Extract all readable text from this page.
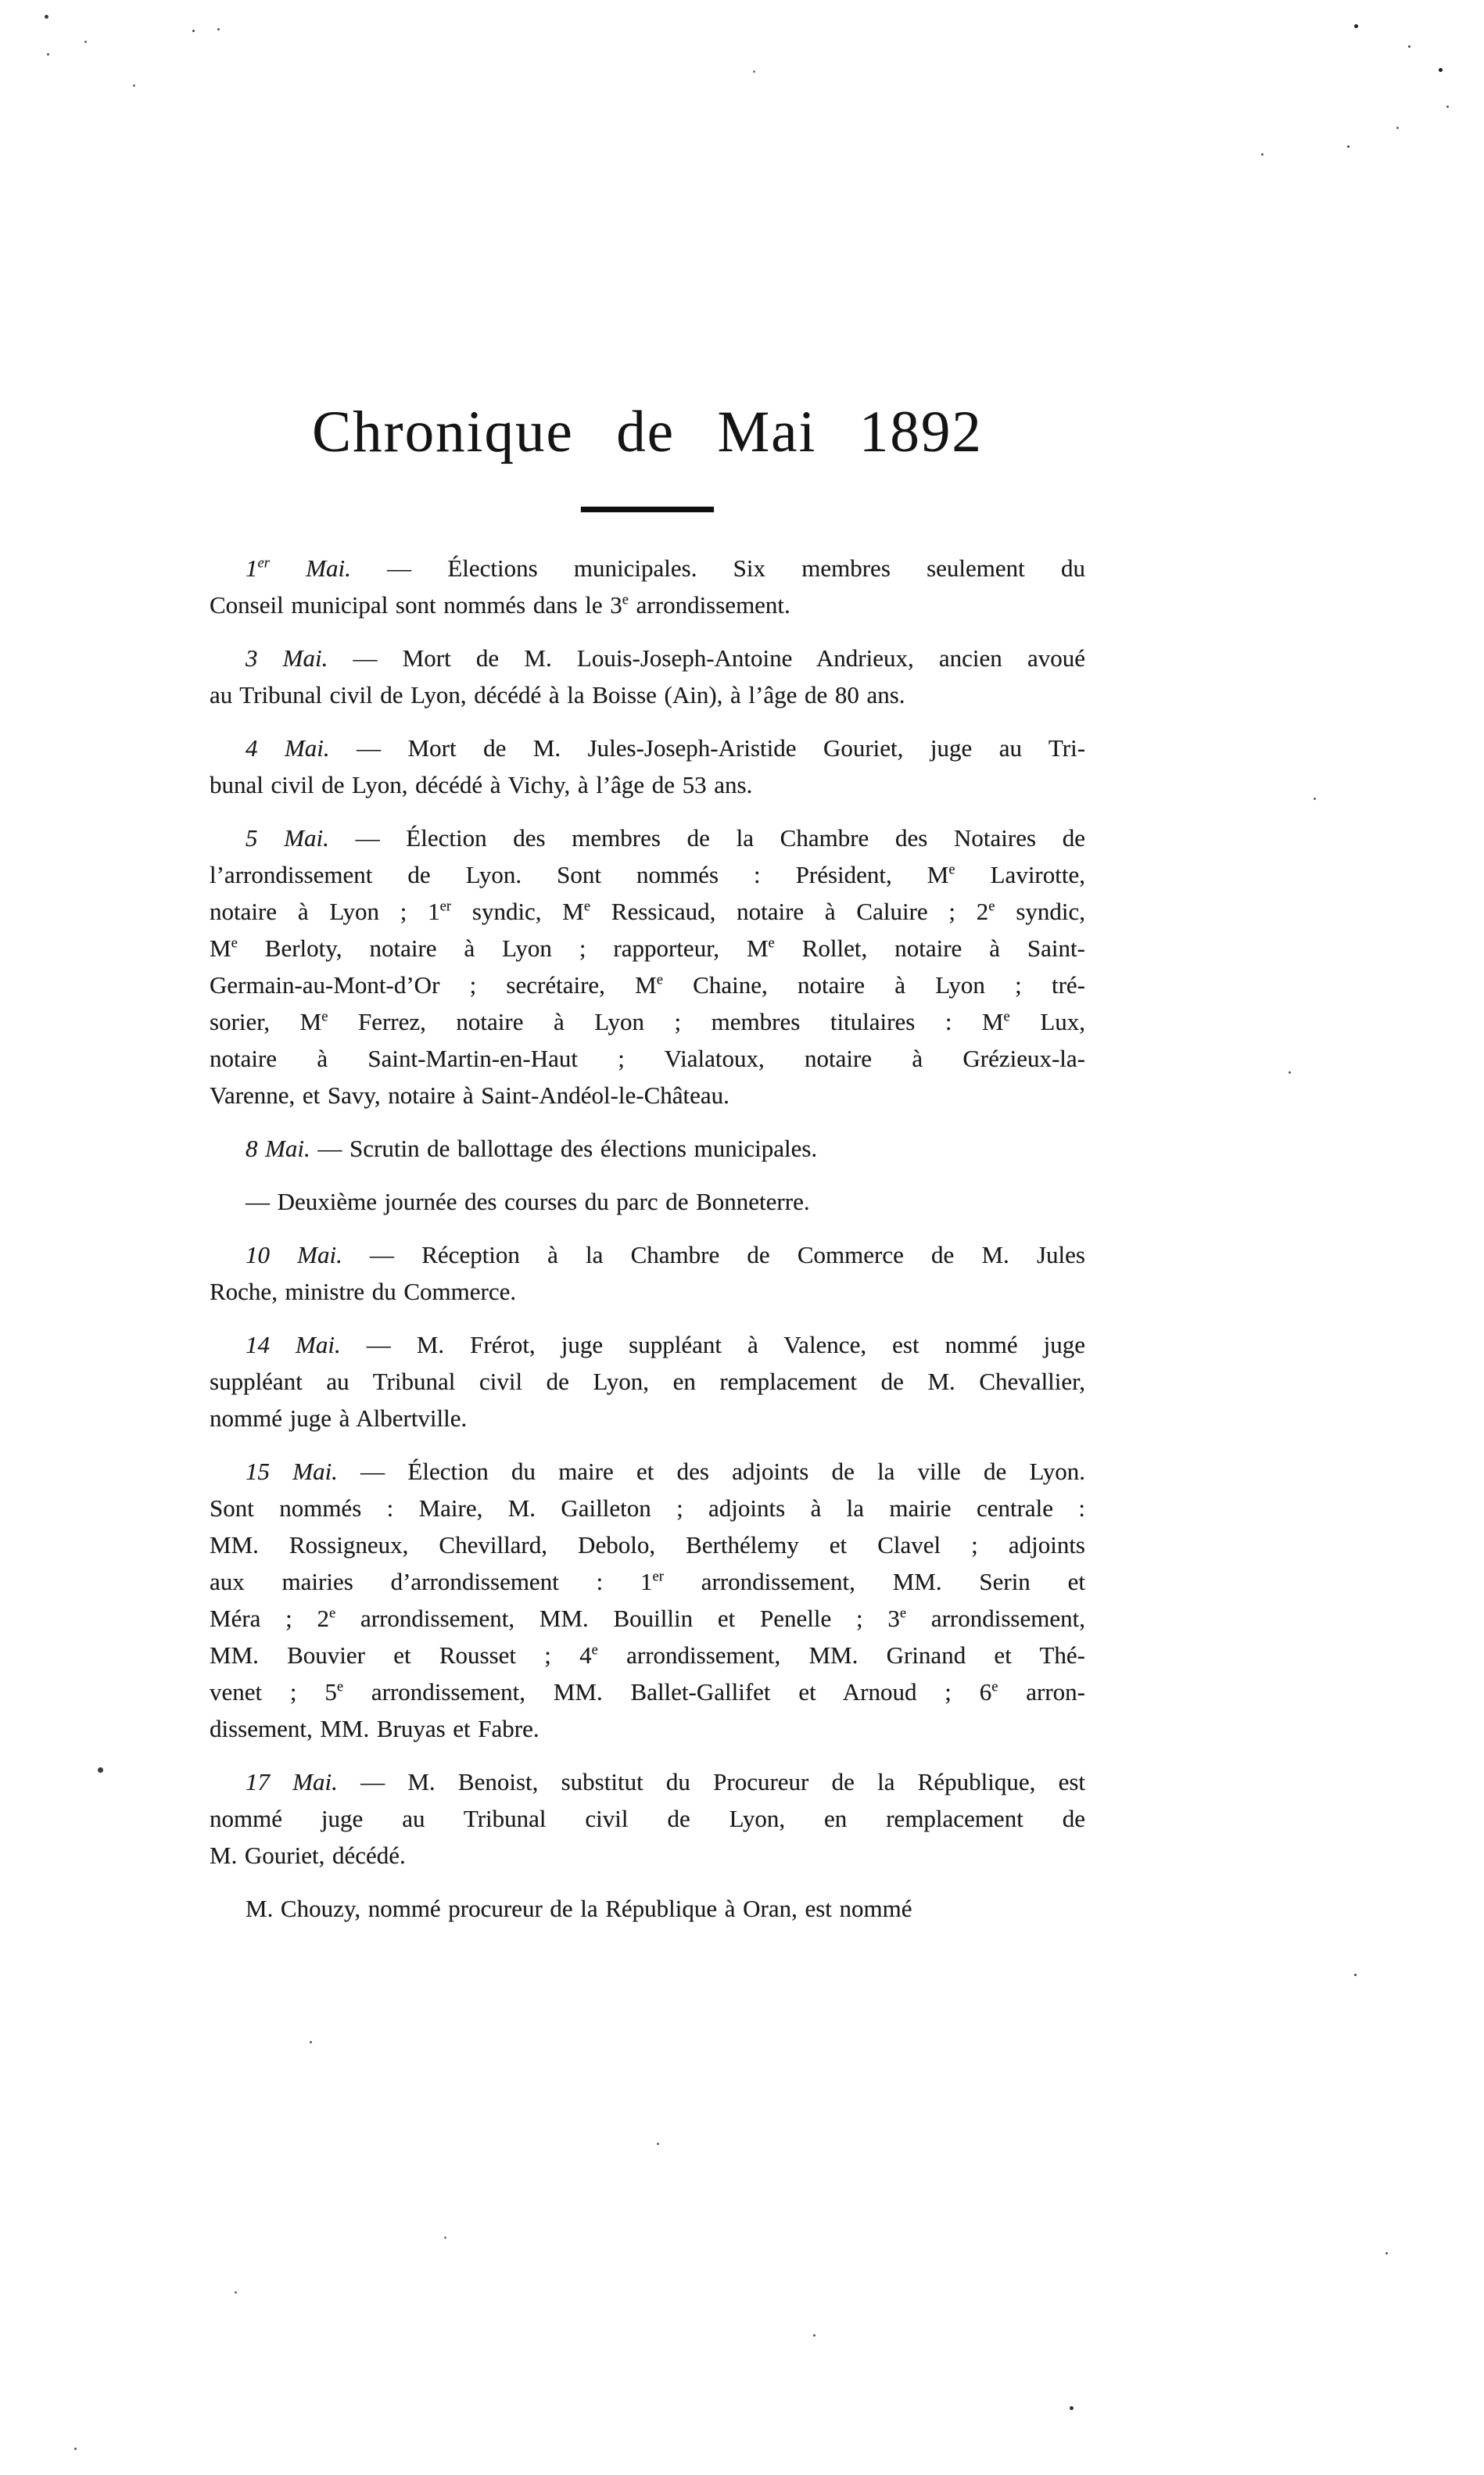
Chronique de Mai 1892

1er Mai. — Élections municipales. Six membres seulement du
Conseil municipal sont nommés dans le 3e arrondissement.

3 Mai. — Mort de M. Louis-Joseph-Antoine Andrieux, ancien avoué
au Tribunal civil de Lyon, décédé à la Boisse (Ain), à l’âge de 80 ans.

4 Mai. — Mort de M. Jules-Joseph-Aristide Gouriet, juge au Tri-
bunal civil de Lyon, décédé à Vichy, à l’âge de 53 ans.

5 Mai. — Élection des membres de la Chambre des Notaires de
l’arrondissement de Lyon. Sont nommés : Président, Me Lavirotte,
notaire à Lyon ; 1er syndic, Me Ressicaud, notaire à Caluire ; 2e syndic,
Me Berloty, notaire à Lyon ; rapporteur, Me Rollet, notaire à Saint-
Germain-au-Mont-d’Or ; secrétaire, Me Chaine, notaire à Lyon ; tré-
sorier, Me Ferrez, notaire à Lyon ; membres titulaires : Me Lux,
notaire à Saint-Martin-en-Haut ; Vialatoux, notaire à Grézieux-la-
Varenne, et Savy, notaire à Saint-Andéol-le-Château.

8 Mai. — Scrutin de ballottage des élections municipales.

— Deuxième journée des courses du parc de Bonneterre.

10 Mai. — Réception à la Chambre de Commerce de M. Jules
Roche, ministre du Commerce.

14 Mai. — M. Frérot, juge suppléant à Valence, est nommé juge
suppléant au Tribunal civil de Lyon, en remplacement de M. Chevallier,
nommé juge à Albertville.

15 Mai. — Élection du maire et des adjoints de la ville de Lyon.
Sont nommés : Maire, M. Gailleton ; adjoints à la mairie centrale :
MM. Rossigneux, Chevillard, Debolo, Berthélemy et Clavel ; adjoints
aux mairies d’arrondissement : 1er arrondissement, MM. Serin et
Méra ; 2e arrondissement, MM. Bouillin et Penelle ; 3e arrondissement,
MM. Bouvier et Rousset ; 4e arrondissement, MM. Grinand et Thé-
venet ; 5e arrondissement, MM. Ballet-Gallifet et Arnoud ; 6e arron-
dissement, MM. Bruyas et Fabre.

17 Mai. — M. Benoist, substitut du Procureur de la République, est
nommé juge au Tribunal civil de Lyon, en remplacement de
M. Gouriet, décédé.

M. Chouzy, nommé procureur de la République à Oran, est nommé
